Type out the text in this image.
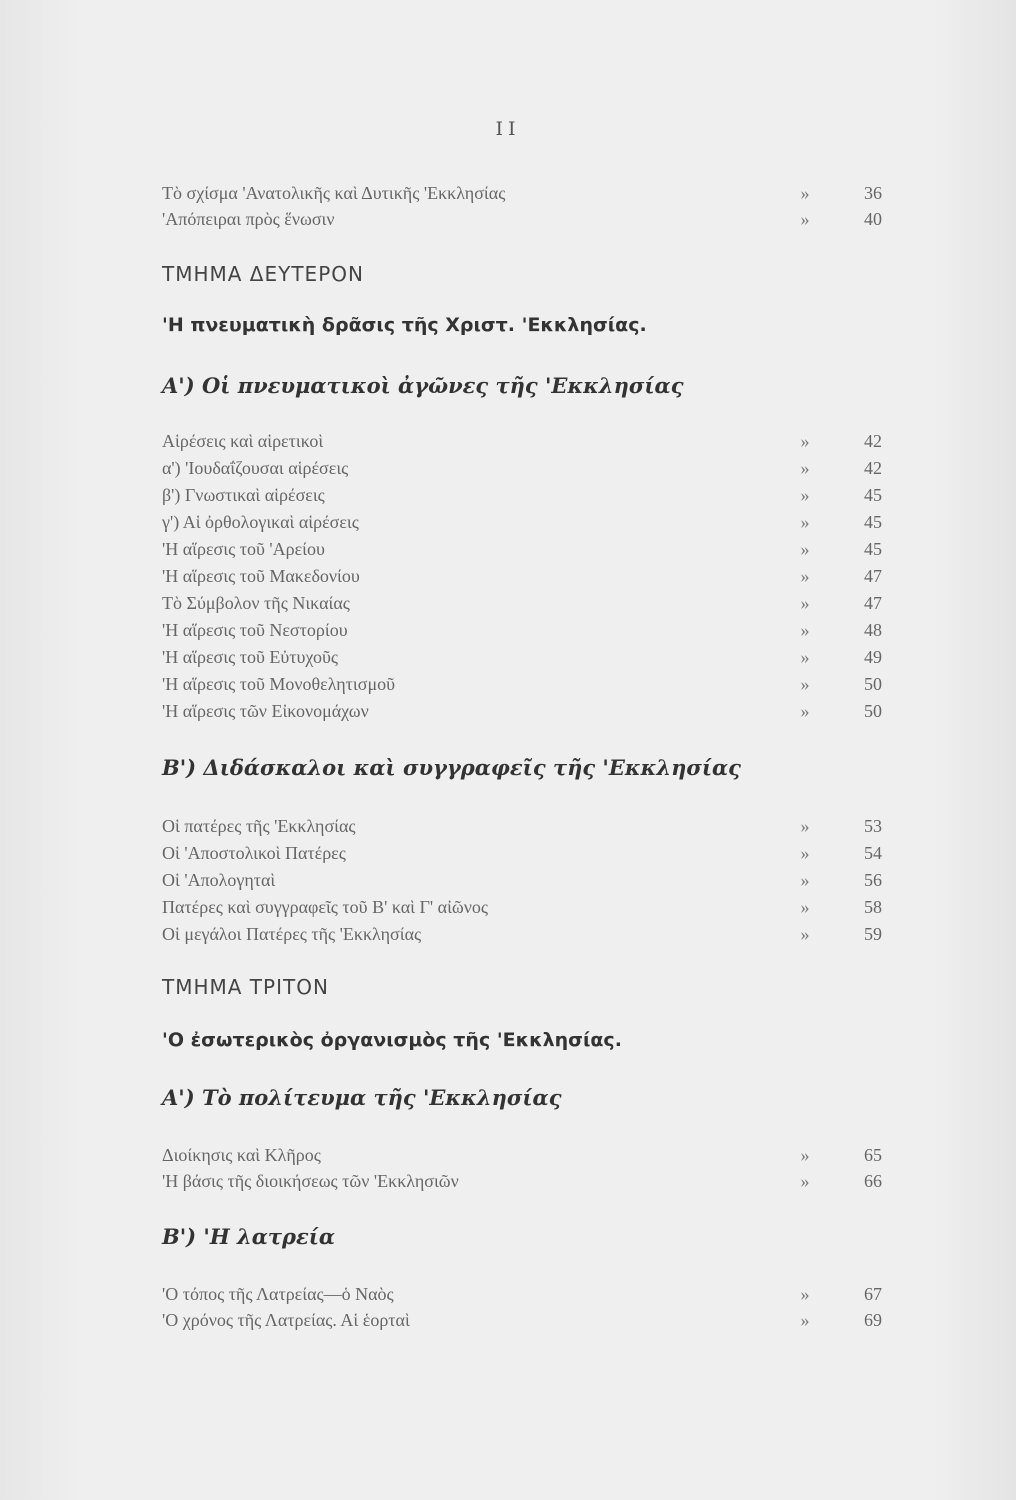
ΙΙ
Τὸ σχίσμα 'Ανατολικῆς καὶ Δυτικῆς 'Εκκλησίας	»	36
'Απόπειραι πρὸς ἕνωσιν	»	40
ΤΜΗΜΑ ΔΕΥΤΕΡΟΝ
'Η πνευματικὴ δρᾶσις τῆς Χριστ. 'Εκκλησίας.
A') Οἱ πνευματικοὶ ἀγῶνες τῆς 'Εκκλησίας
Αἱρέσεις καὶ αἱρετικοὶ	»	42
α') 'Ιουδαΐζουσαι αἱρέσεις	»	42
β') Γνωστικαὶ αἱρέσεις	»	45
γ') Αἱ ὀρθολογικαὶ αἱρέσεις	»	45
'Η αἵρεσις τοῦ 'Αρείου	»	45
'Η αἵρεσις τοῦ Μακεδονίου	»	47
Τὸ Σύμβολον τῆς Νικαίας	»	47
'Η αἵρεσις τοῦ Νεστορίου	»	48
'Η αἵρεσις τοῦ Εὐτυχοῦς	»	49
'Η αἵρεσις τοῦ Μονοθελητισμοῦ	»	50
'Η αἵρεσις τῶν Εἰκονομάχων	»	50
B') Διδάσκαλοι καὶ συγγραφεῖς τῆς 'Εκκλησίας
Οἱ πατέρες τῆς 'Εκκλησίας	»	53
Οἱ 'Αποστολικοὶ Πατέρες	»	54
Οἱ 'Απολογηταὶ	»	56
Πατέρες καὶ συγγραφεῖς τοῦ Β' καὶ Γ' αἰῶνος	»	58
Οἱ μεγάλοι Πατέρες τῆς 'Εκκλησίας	»	59
ΤΜΗΜΑ ΤΡΙΤΟΝ
'Ο ἐσωτερικὸς ὀργανισμὸς τῆς 'Εκκλησίας.
A') Τὸ πολίτευμα τῆς 'Εκκλησίας
Διοίκησις καὶ Κλῆρος	»	65
'Η βάσις τῆς διοικήσεως τῶν 'Εκκλησιῶν	»	66
B') 'Η λατρεία
'Ο τόπος τῆς Λατρείας—ὁ Ναὸς	»	67
'Ο χρόνος τῆς Λατρείας. Αἱ ἑορταὶ	»	69
